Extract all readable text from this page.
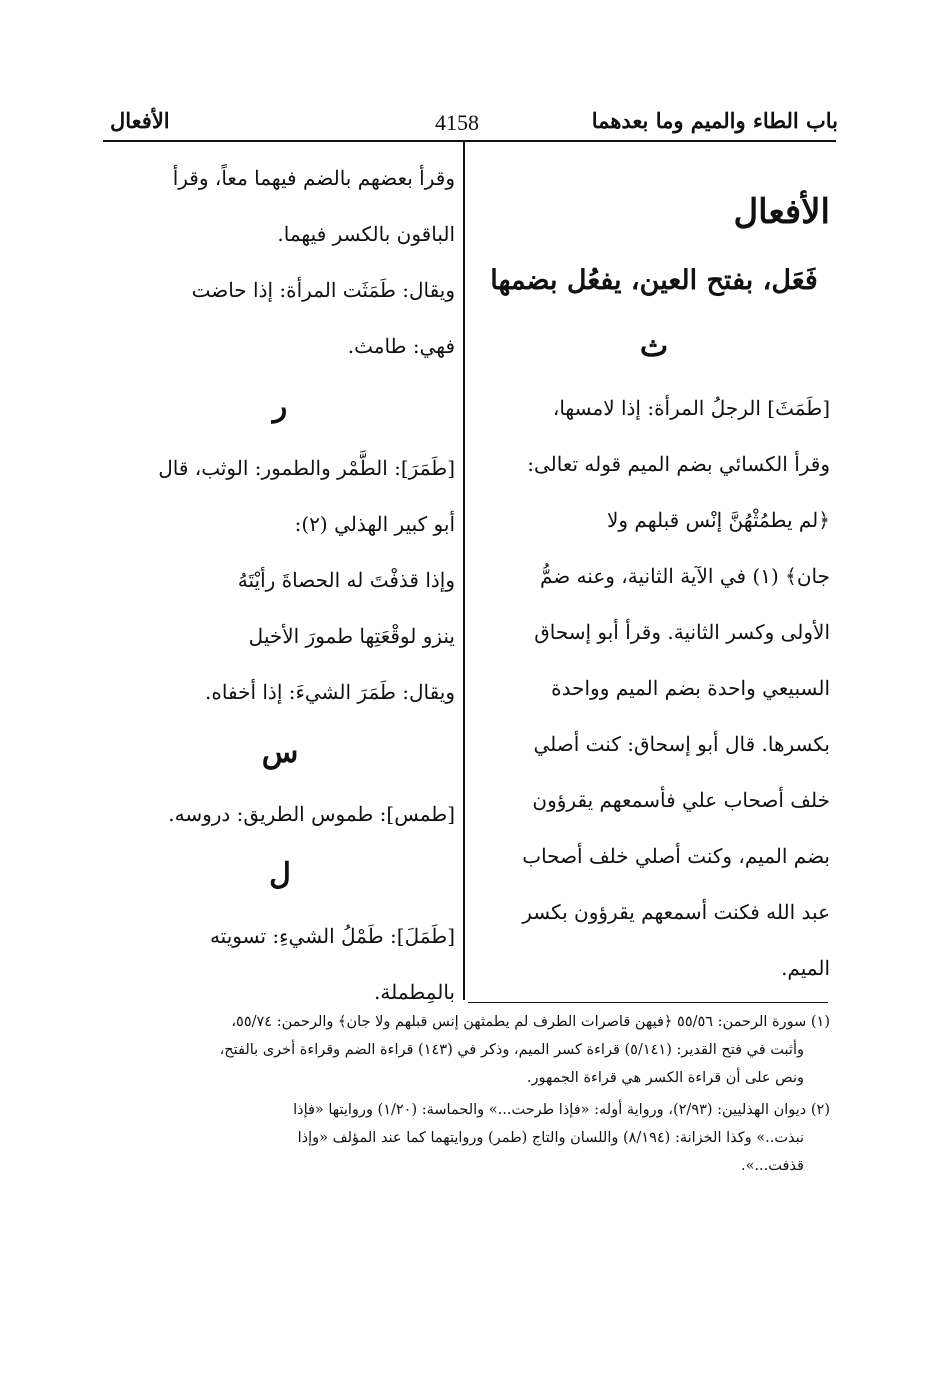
باب الطاء والميم وما بعدهما
4158
الأفعال
الأفعال
فَعَل، بفتح العين، يفعُل بضمها
ث
[طَمَثَ] الرجلُ المرأة: إذا لامسها،
وقرأ الكسائي بضم الميم قوله تعالى:
﴿لم يطمُثْهُنَّ إنْس قبلهم ولا
جان﴾ (١) في الآية الثانية، وعنه ضمُّ
الأولى وكسر الثانية. وقرأ أبو إسحاق
السبيعي واحدة بضم الميم وواحدة
بكسرها. قال أبو إسحاق: كنت أصلي
خلف أصحاب علي فأسمعهم يقرؤون
بضم الميم، وكنت أصلي خلف أصحاب
عبد الله فكنت أسمعهم يقرؤون بكسر
الميم.
وقرأ بعضهم بالضم فيهما معاً، وقرأ
الباقون بالكسر فيهما.
ويقال: طَمَثَت المرأة: إذا حاضت
فهي: طامث.
ر
[طَمَرَ]: الطَّمْر والطمور: الوثب، قال
أبو كبير الهذلي (٢):
وإذا قذفْتَ له الحصاةَ رأيْتَهُ
ينزو لوقْعَتِها طمورَ الأخيل
ويقال: طَمَرَ الشيءَ: إذا أخفاه.
س
[طمس]: طموس الطريق: دروسه.
ل
[طَمَلَ]: طَمْلُ الشيءِ: تسويته
بالمِطملة.

(١) سورة الرحمن: ٥٥/٥٦ ﴿فيهن قاصرات الطرف لم يطمثهن إنس قبلهم ولا جان﴾ والرحمن: ٥٥/٧٤،

وأثبت في فتح القدير: (٥/١٤١) قراءة كسر الميم، وذكر في (١٤٣) قراءة الضم وقراءة أخرى بالفتح،

ونص على أن قراءة الكسر هي قراءة الجمهور.

(٢) ديوان الهذليين: (٢/٩٣)، ورواية أوله: «فإذا طرحت...» والحماسة: (١/٢٠) وروايتها «فإذا

نبذت..» وكذا الخزانة: (٨/١٩٤) واللسان والتاج (طمر) وروايتهما كما عند المؤلف «وإذا

قذفت...».
